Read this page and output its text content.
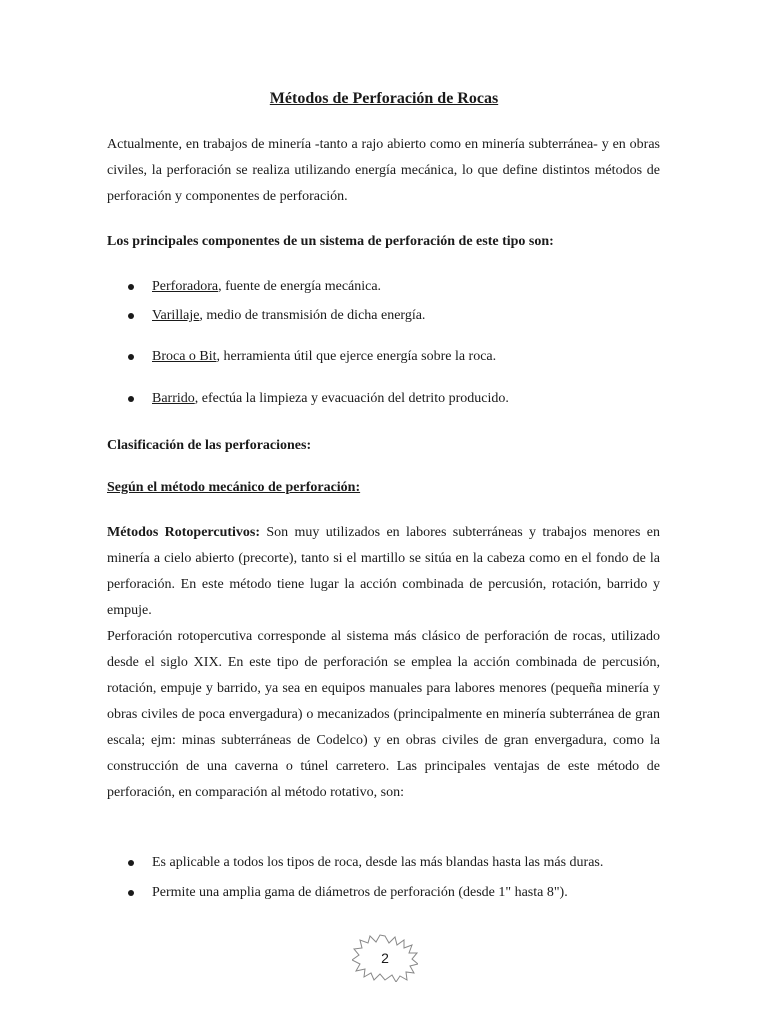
Métodos de Perforación de Rocas

Actualmente, en trabajos de minería -tanto a rajo abierto como en minería subterránea- y en obras civiles, la perforación se realiza utilizando energía mecánica, lo que define distintos métodos de perforación y componentes de perforación.

Los principales componentes de un sistema de perforación de este tipo son:
Perforadora, fuente de energía mecánica.
Varillaje, medio de transmisión de dicha energía.
Broca o Bit, herramienta útil que ejerce energía sobre la roca.
Barrido, efectúa la limpieza y evacuación del detrito producido.
Clasificación de las perforaciones:
Según el método mecánico de perforación:

Métodos Rotopercutivos: Son muy utilizados en labores subterráneas y trabajos menores en minería a cielo abierto (precorte), tanto si el martillo se sitúa en la cabeza como en el fondo de la perforación. En este método tiene lugar la acción combinada de percusión, rotación, barrido y empuje.

Perforación rotopercutiva corresponde al sistema más clásico de perforación de rocas, utilizado desde el siglo XIX. En este tipo de perforación se emplea la acción combinada de percusión, rotación, empuje y barrido, ya sea en equipos manuales para labores menores (pequeña minería y obras civiles de poca envergadura) o mecanizados (principalmente en minería subterránea de gran escala; ejm: minas subterráneas de Codelco) y en obras civiles de gran envergadura, como la construcción de una caverna o túnel carretero. Las principales ventajas de este método de perforación, en comparación al método rotativo, son:

Es aplicable a todos los tipos de roca, desde las más blandas hasta las más duras.
Permite una amplia gama de diámetros de perforación (desde 1" hasta 8").
2
